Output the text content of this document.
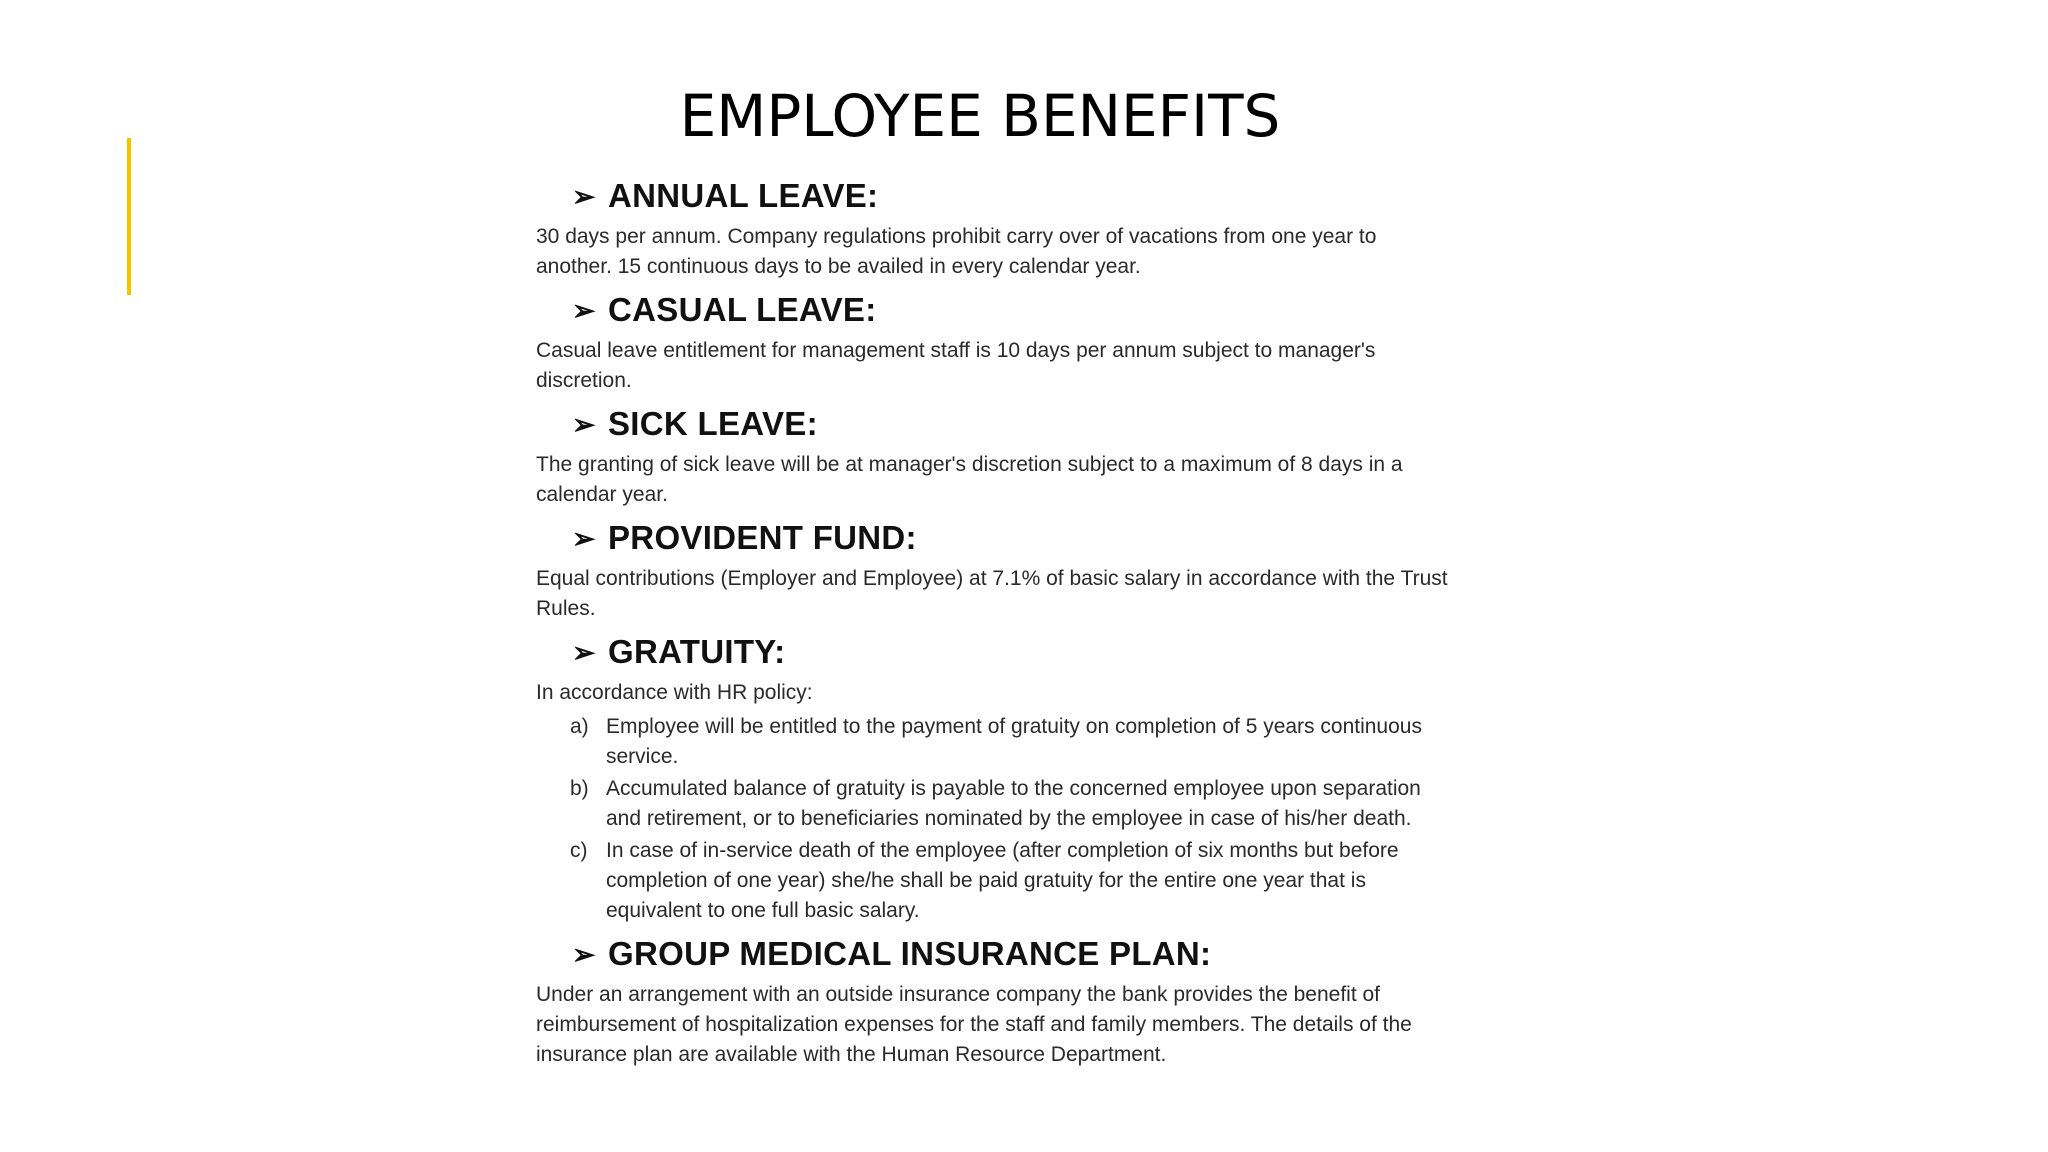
EMPLOYEE BENEFITS
➢ ANNUAL LEAVE:

30 days per annum. Company regulations prohibit carry over of vacations from one year to another. 15 continuous days to be availed in every calendar year.

➢ CASUAL LEAVE:

Casual leave entitlement for management staff is 10 days per annum subject to manager's discretion.

➢ SICK LEAVE:

The granting of sick leave will be at manager's discretion subject to a maximum of 8 days in a calendar year.

➢ PROVIDENT FUND:

Equal contributions (Employer and Employee) at 7.1% of basic salary in accordance with the Trust Rules.

➢ GRATUITY:

In accordance with HR policy:

a) Employee will be entitled to the payment of gratuity on completion of 5 years continuous service.
b) Accumulated balance of gratuity is payable to the concerned employee upon separation and retirement, or to beneficiaries nominated by the employee in case of his/her death.
c) In case of in-service death of the employee (after completion of six months but before completion of one year) she/he shall be paid gratuity for the entire one year that is equivalent to one full basic salary.
➢ GROUP MEDICAL INSURANCE PLAN:

Under an arrangement with an outside insurance company the bank provides the benefit of reimbursement of hospitalization expenses for the staff and family members. The details of the insurance plan are available with the Human Resource Department.
